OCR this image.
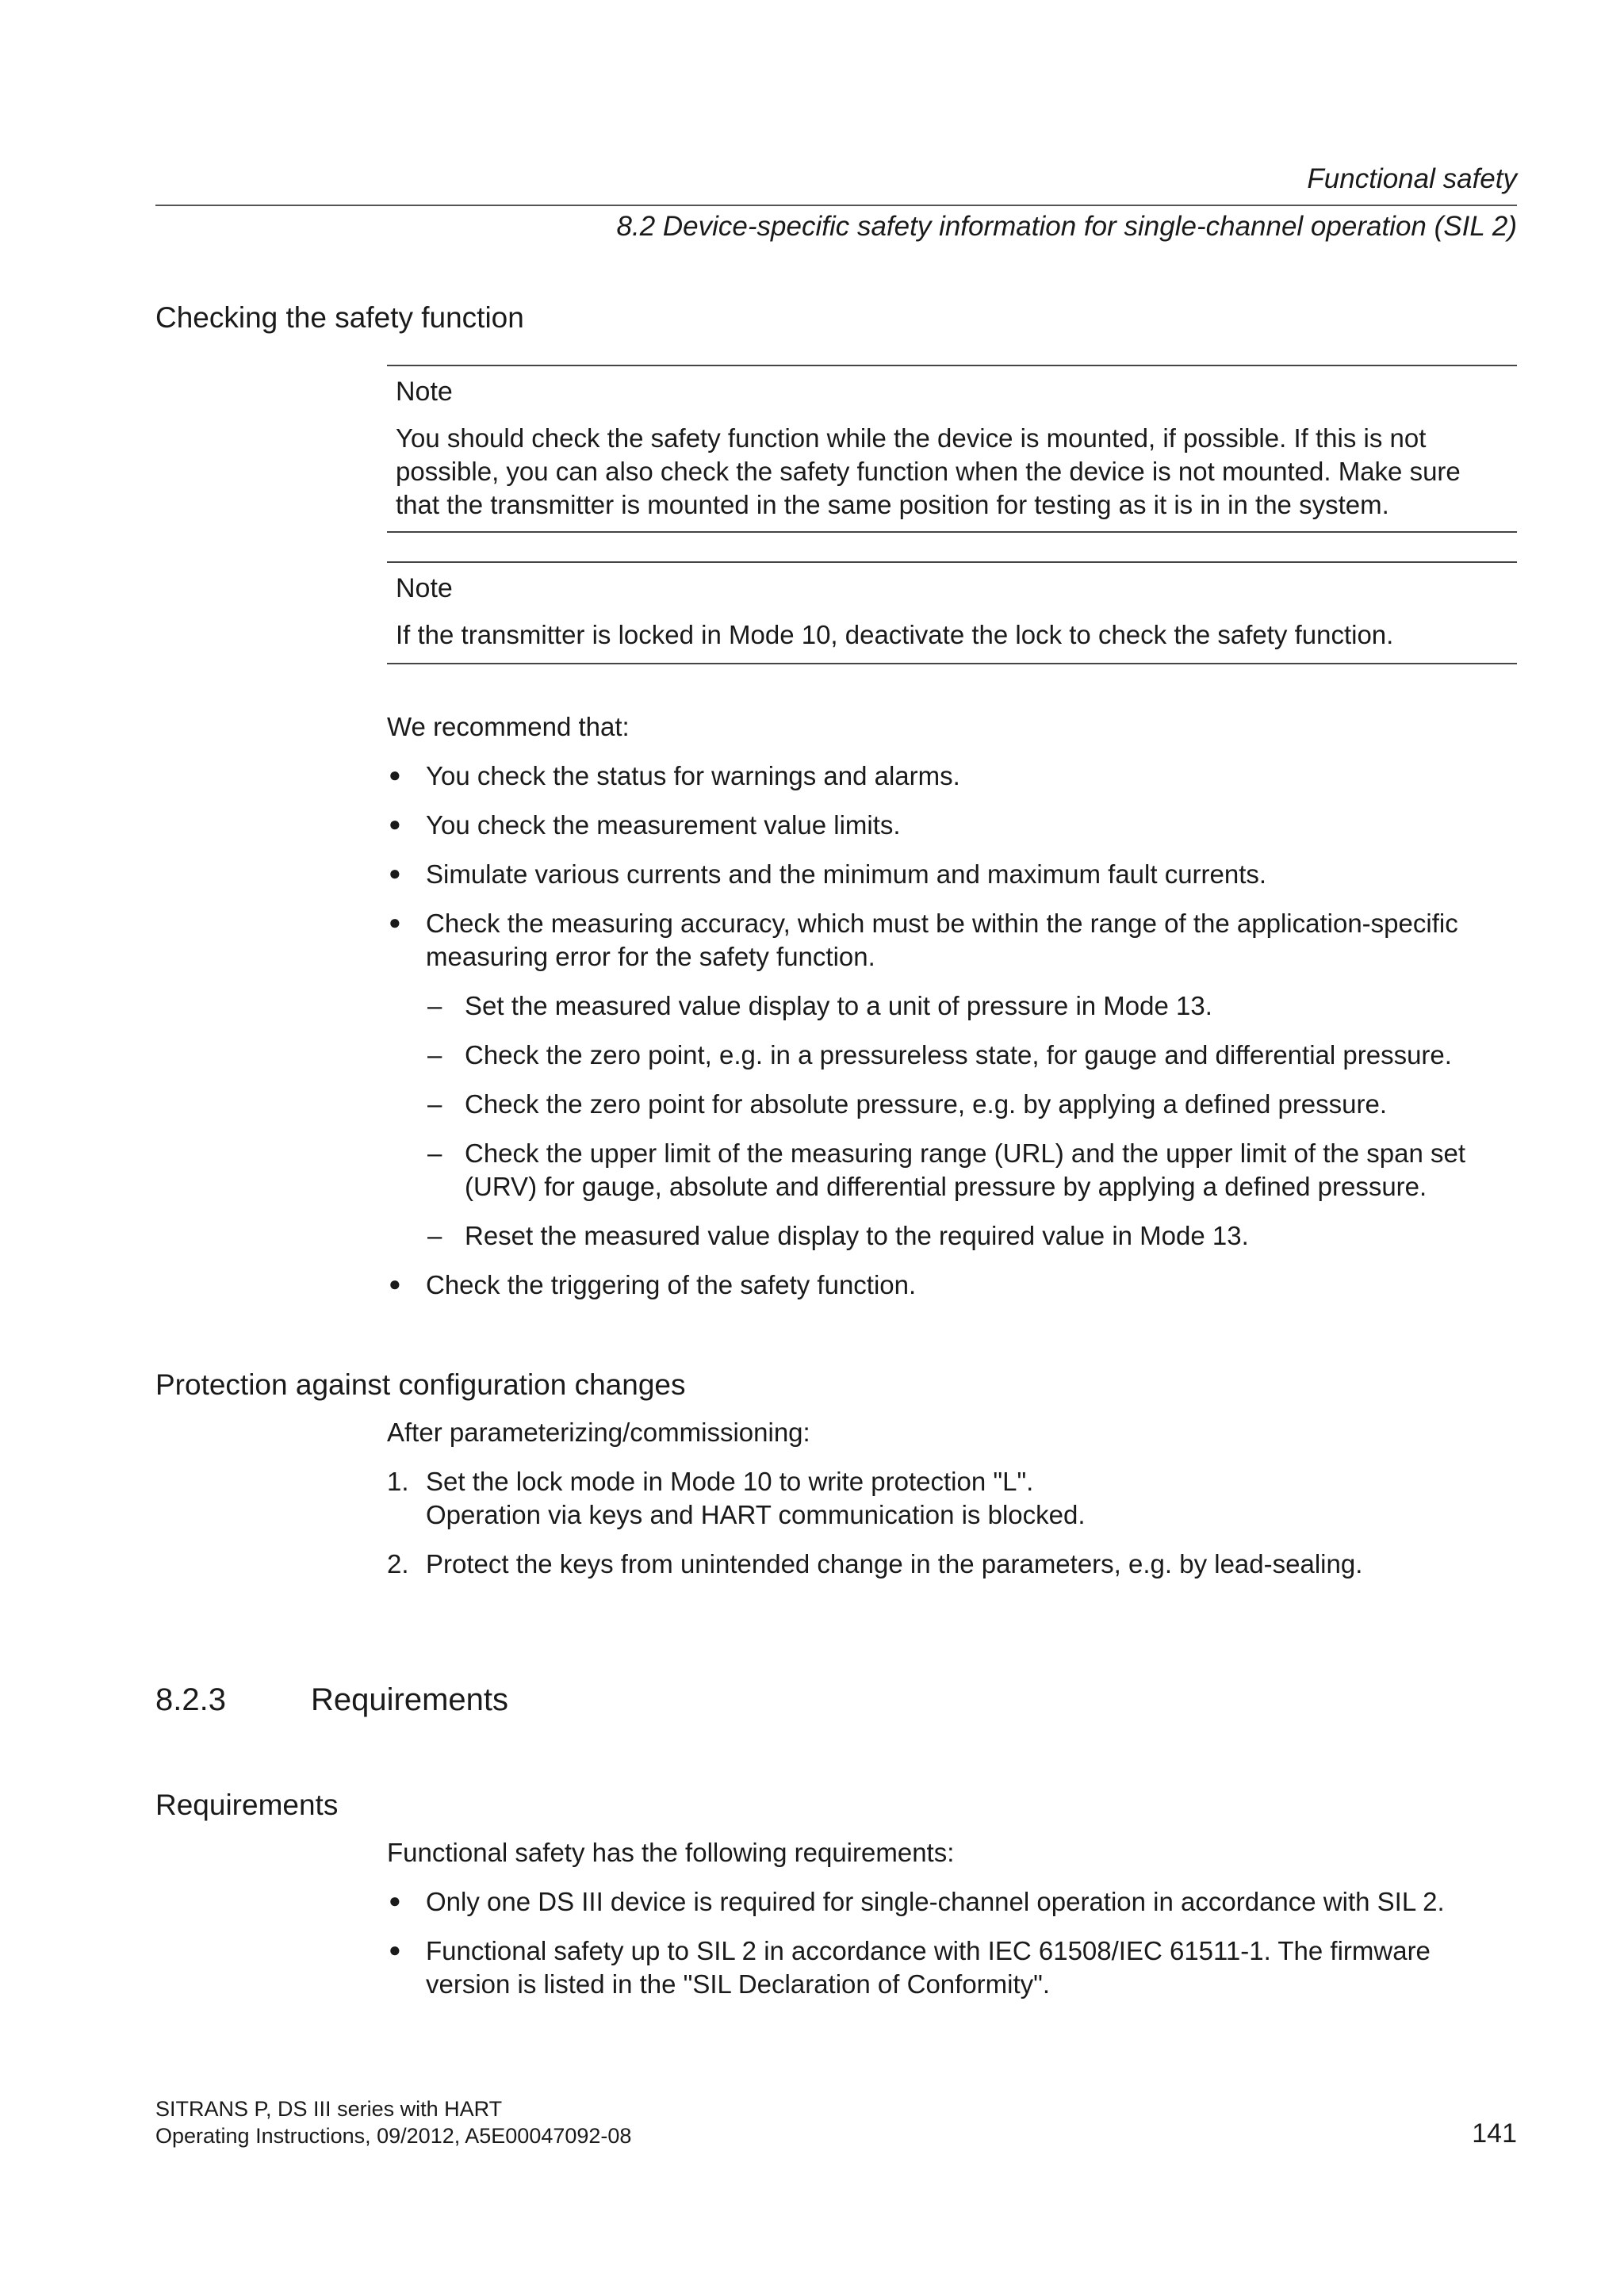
Functional safety
8.2 Device-specific safety information for single-channel operation (SIL 2)
Checking the safety function
Note
You should check the safety function while the device is mounted, if possible. If this is not possible, you can also check the safety function when the device is not mounted. Make sure that the transmitter is mounted in the same position for testing as it is in in the system.
Note
If the transmitter is locked in Mode 10, deactivate the lock to check the safety function.

We recommend that:

● You check the status for warnings and alarms.
● You check the measurement value limits.
● Simulate various currents and the minimum and maximum fault currents.
● Check the measuring accuracy, which must be within the range of the application-specific measuring error for the safety function.
– Set the measured value display to a unit of pressure in Mode 13.
– Check the zero point, e.g. in a pressureless state, for gauge and differential pressure.
– Check the zero point for absolute pressure, e.g. by applying a defined pressure.
– Check the upper limit of the measuring range (URL) and the upper limit of the span set (URV) for gauge, absolute and differential pressure by applying a defined pressure.
– Reset the measured value display to the required value in Mode 13.
● Check the triggering of the safety function.
Protection against configuration changes

After parameterizing/commissioning:

1. Set the lock mode in Mode 10 to write protection "L".
Operation via keys and HART communication is blocked.
2. Protect the keys from unintended change in the parameters, e.g. by lead-sealing.
8.2.3	Requirements
Requirements

Functional safety has the following requirements:

● Only one DS III device is required for single-channel operation in accordance with SIL 2.
● Functional safety up to SIL 2 in accordance with IEC 61508/IEC 61511-1. The firmware version is listed in the "SIL Declaration of Conformity".
SITRANS P, DS III series with HART
Operating Instructions, 09/2012, A5E00047092-08	141
